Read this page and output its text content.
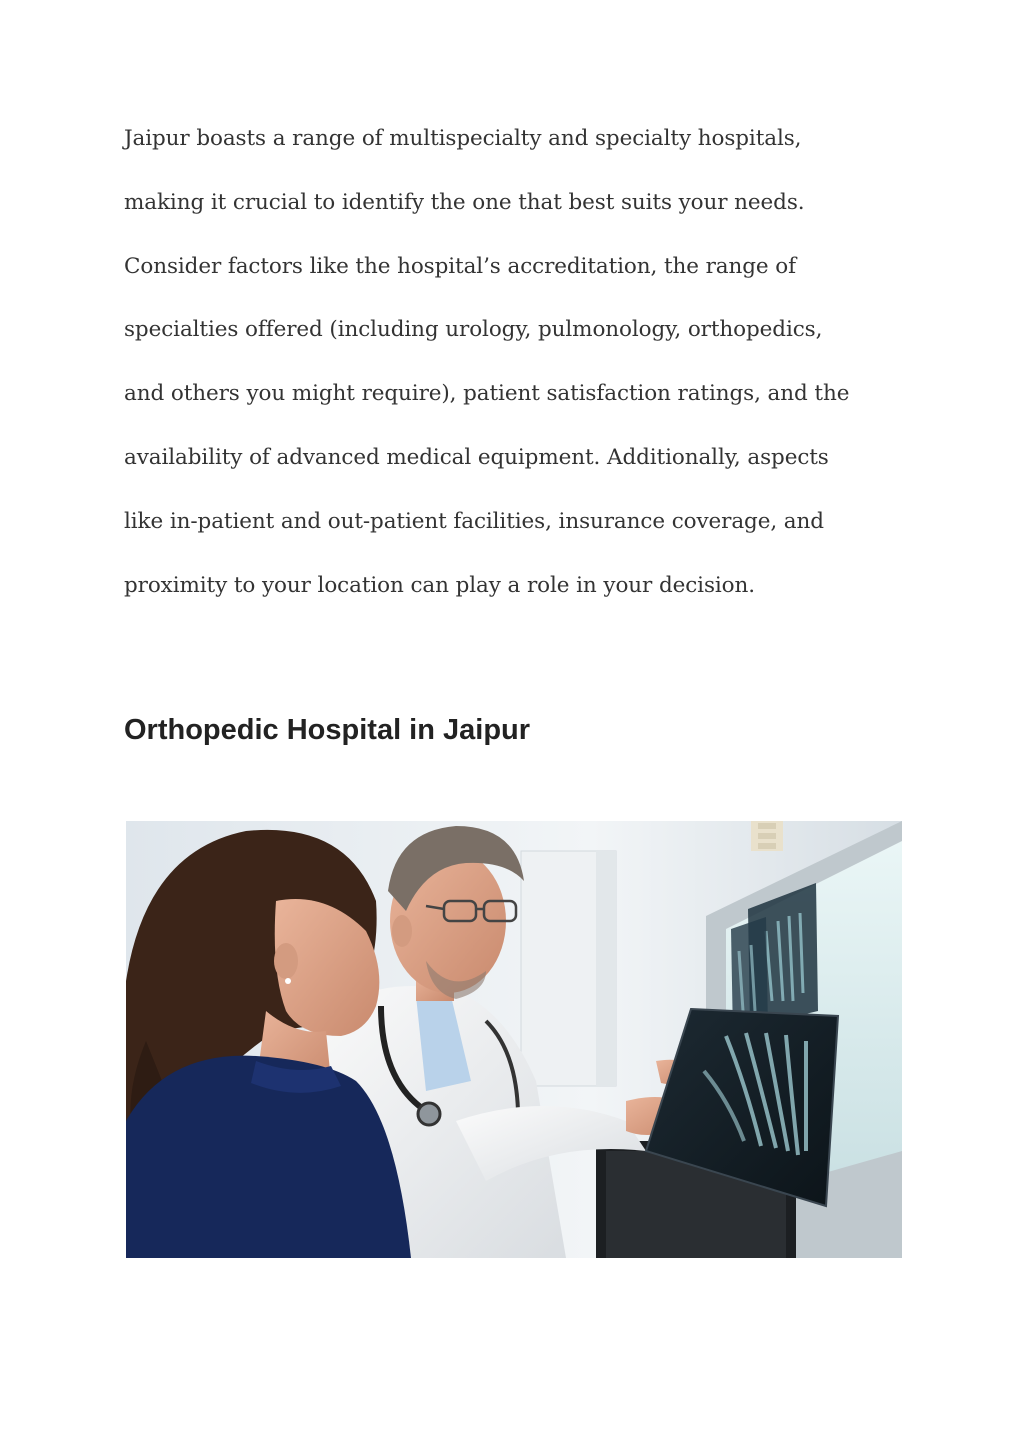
Jaipur boasts a range of multispecialty and specialty hospitals,

making it crucial to identify the one that best suits your needs.

Consider factors like the hospital’s accreditation, the range of

specialties offered (including urology, pulmonology, orthopedics,

and others you might require), patient satisfaction ratings, and the

availability of advanced medical equipment. Additionally, aspects

like in-patient and out-patient facilities, insurance coverage, and

proximity to your location can play a role in your decision.

Orthopedic Hospital in Jaipur
